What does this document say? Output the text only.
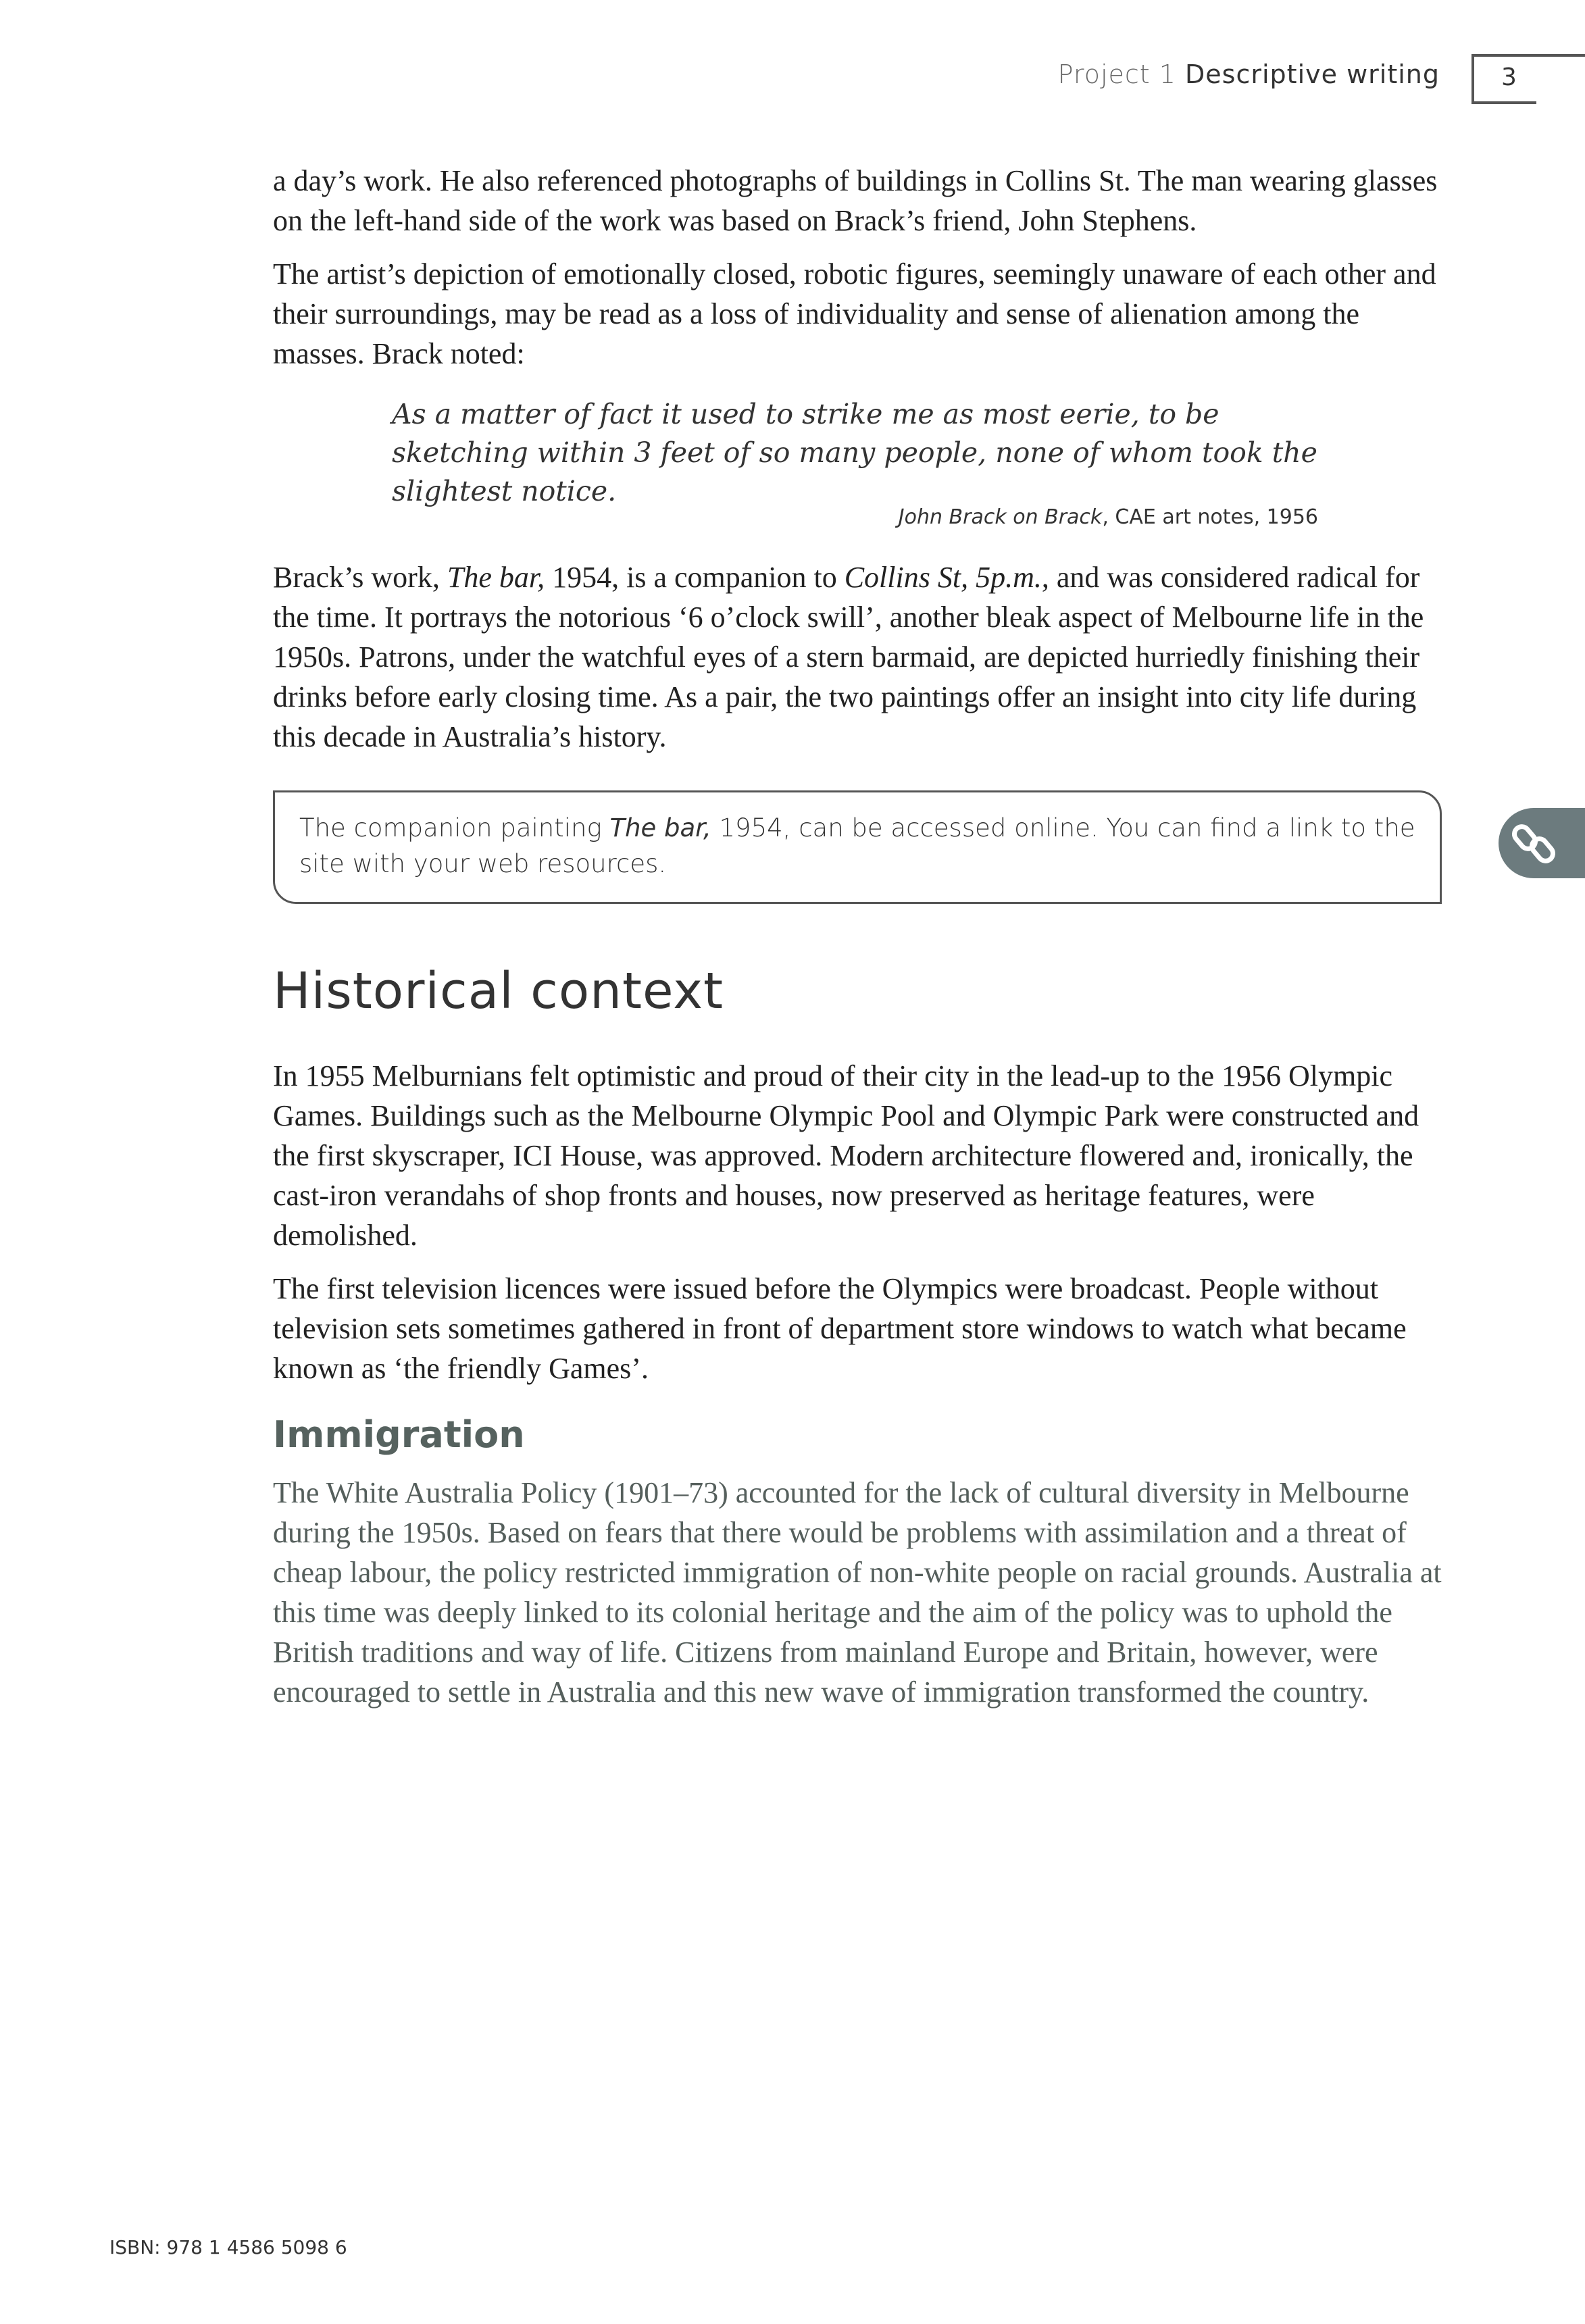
Project 1 Descriptive writing	3

a day’s work. He also referenced photographs of buildings in Collins St. The man wearing glasses on the left-hand side of the work was based on Brack’s friend, John Stephens.

The artist’s depiction of emotionally closed, robotic figures, seemingly unaware of each other and their surroundings, may be read as a loss of individuality and sense of alienation among the masses. Brack noted:

As a matter of fact it used to strike me as most eerie, to be sketching within 3 feet of so many people, none of whom took the slightest notice.
John Brack on Brack, CAE art notes, 1956

Brack’s work, The bar, 1954, is a companion to Collins St, 5p.m., and was considered radical for the time. It portrays the notorious ‘6 o’clock swill’, another bleak aspect of Melbourne life in the 1950s. Patrons, under the watchful eyes of a stern barmaid, are depicted hurriedly finishing their drinks before early closing time. As a pair, the two paintings offer an insight into city life during this decade in Australia’s history.

The companion painting The bar, 1954, can be accessed online. You can find a link to the site with your web resources.
Historical context

In 1955 Melburnians felt optimistic and proud of their city in the lead-up to the 1956 Olympic Games. Buildings such as the Melbourne Olympic Pool and Olympic Park were constructed and the first skyscraper, ICI House, was approved. Modern architecture flowered and, ironically, the cast-iron verandahs of shop fronts and houses, now preserved as heritage features, were demolished.

The first television licences were issued before the Olympics were broadcast. People without television sets sometimes gathered in front of department store windows to watch what became known as ‘the friendly Games’.

Immigration

The White Australia Policy (1901–73) accounted for the lack of cultural diversity in Melbourne during the 1950s. Based on fears that there would be problems with assimilation and a threat of cheap labour, the policy restricted immigration of non-white people on racial grounds. Australia at this time was deeply linked to its colonial heritage and the aim of the policy was to uphold the British traditions and way of life. Citizens from mainland Europe and Britain, however, were encouraged to settle in Australia and this new wave of immigration transformed the country.

ISBN: 978 1 4586 5098 6
